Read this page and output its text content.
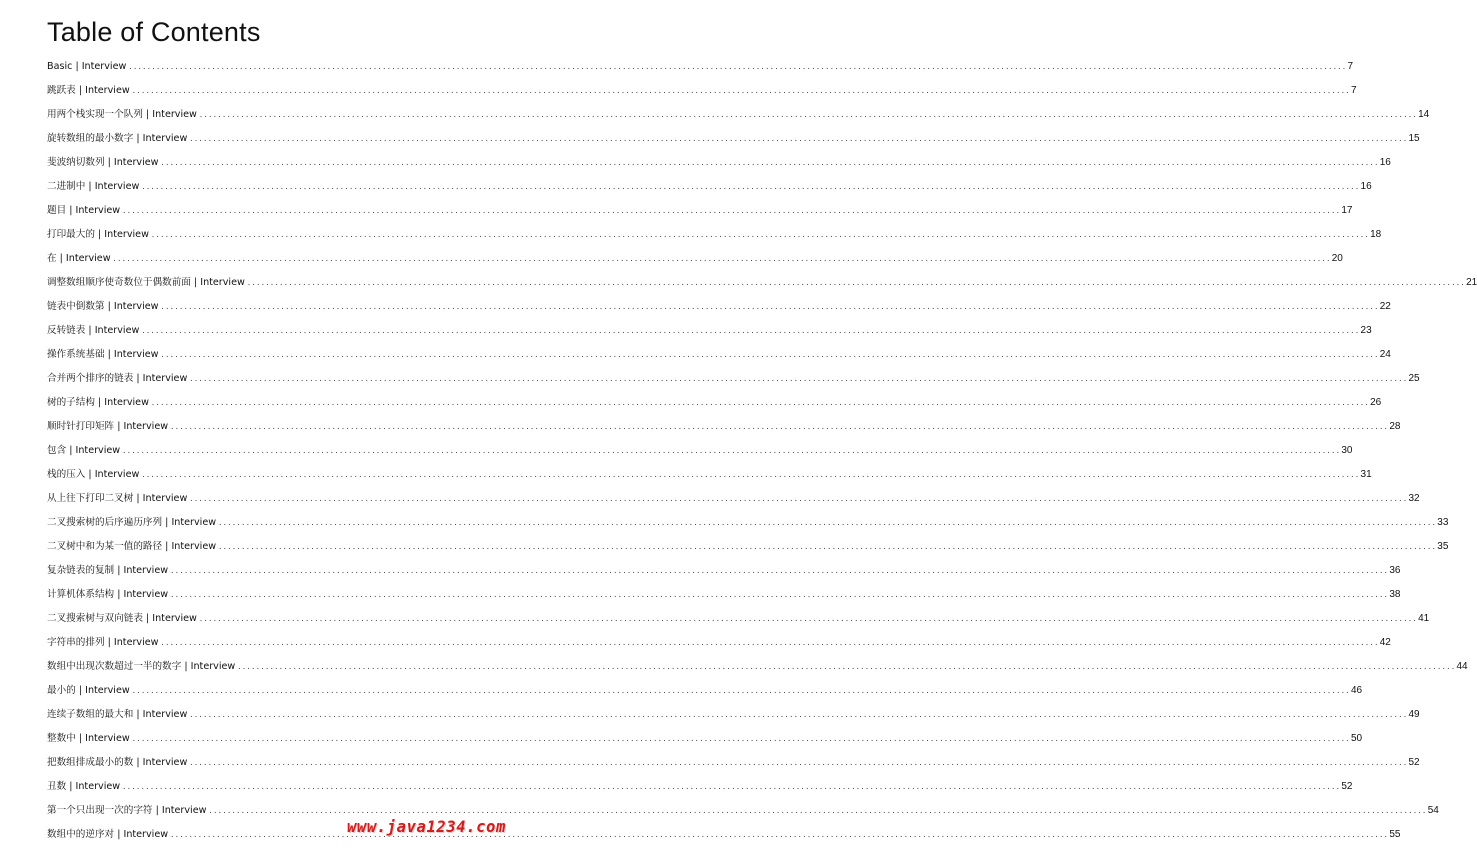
Table of Contents
Basic | Interview ........................................................................................................................................................................................................................................................................ 7
跳跃表 | Interview ........................................................................................................................................................................................................................................................................ 7
用两个栈实现一个队列 | Interview ........................................................................................................................................................................................................................................................................ 14
旋转数组的最小数字 | Interview ........................................................................................................................................................................................................................................................................ 15
斐波纳切数列 | Interview ........................................................................................................................................................................................................................................................................ 16
二进制中 | Interview ........................................................................................................................................................................................................................................................................ 16
题目 | Interview ........................................................................................................................................................................................................................................................................ 17
打印最大的 | Interview ........................................................................................................................................................................................................................................................................ 18
在 | Interview ........................................................................................................................................................................................................................................................................ 20
调整数组顺序使奇数位于偶数前面 | Interview ........................................................................................................................................................................................................................................................................ 21
链表中倒数第 | Interview ........................................................................................................................................................................................................................................................................ 22
反转链表 | Interview ........................................................................................................................................................................................................................................................................ 23
操作系统基础 | Interview ........................................................................................................................................................................................................................................................................ 24
合并两个排序的链表 | Interview ........................................................................................................................................................................................................................................................................ 25
树的子结构 | Interview ........................................................................................................................................................................................................................................................................ 26
顺时针打印矩阵 | Interview ........................................................................................................................................................................................................................................................................ 28
包含 | Interview ........................................................................................................................................................................................................................................................................ 30
栈的压入 | Interview ........................................................................................................................................................................................................................................................................ 31
从上往下打印二叉树 | Interview ........................................................................................................................................................................................................................................................................ 32
二叉搜索树的后序遍历序列 | Interview ........................................................................................................................................................................................................................................................................ 33
二叉树中和为某一值的路径 | Interview ........................................................................................................................................................................................................................................................................ 35
复杂链表的复制 | Interview ........................................................................................................................................................................................................................................................................ 36
计算机体系结构 | Interview ........................................................................................................................................................................................................................................................................ 38
二叉搜索树与双向链表 | Interview ........................................................................................................................................................................................................................................................................ 41
字符串的排列 | Interview ........................................................................................................................................................................................................................................................................ 42
数组中出现次数超过一半的数字 | Interview ........................................................................................................................................................................................................................................................................ 44
最小的 | Interview ........................................................................................................................................................................................................................................................................ 46
连续子数组的最大和 | Interview ........................................................................................................................................................................................................................................................................ 49
整数中 | Interview ........................................................................................................................................................................................................................................................................ 50
把数组排成最小的数 | Interview ........................................................................................................................................................................................................................................................................ 52
丑数 | Interview ........................................................................................................................................................................................................................................................................ 52
第一个只出现一次的字符 | Interview ........................................................................................................................................................................................................................................................................ 54
数组中的逆序对 | Interview ........................................................................................................................................................................................................................................................................ 55
www.java1234.com
